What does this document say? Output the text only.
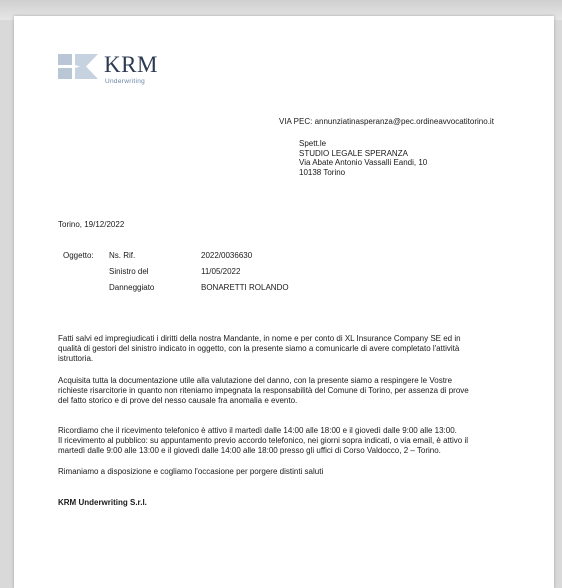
KRM
Underwriting
VIA PEC: annunziatinasperanza@pec.ordineavvocatitorino.it
Spett.le
STUDIO LEGALE SPERANZA
Via Abate Antonio Vassalli Eandi, 10
10138 Torino
Torino, 19/12/2022
Oggetto: Ns. Rif.	2022/0036630
Sinistro del	11/05/2022
Danneggiato	BONARETTI ROLANDO
Fatti salvi ed impregiudicati i diritti della nostra Mandante, in nome e per conto di XL Insurance Company SE ed in
qualità di gestori del sinistro indicato in oggetto, con la presente siamo a comunicarle di avere completato l'attività
istruttoria.
Acquisita tutta la documentazione utile alla valutazione del danno, con la presente siamo a respingere le Vostre
richieste risarcitorie in quanto non riteniamo impegnata la responsabilità del Comune di Torino, per assenza di prove
del fatto storico e di prove del nesso causale fra anomalia e evento.
Ricordiamo che il ricevimento telefonico è attivo il martedì dalle 14:00 alle 18:00 e il giovedì dalle 9:00 alle 13:00.
Il ricevimento al pubblico: su appuntamento previo accordo telefonico, nei giorni sopra indicati, o via email, è attivo il
martedì dalle 9:00 alle 13:00 e il giovedì dalle 14:00 alle 18:00 presso gli uffici di Corso Valdocco, 2 – Torino.
Rimaniamo a disposizione e cogliamo l'occasione per porgere distinti saluti
KRM Underwriting S.r.l.
